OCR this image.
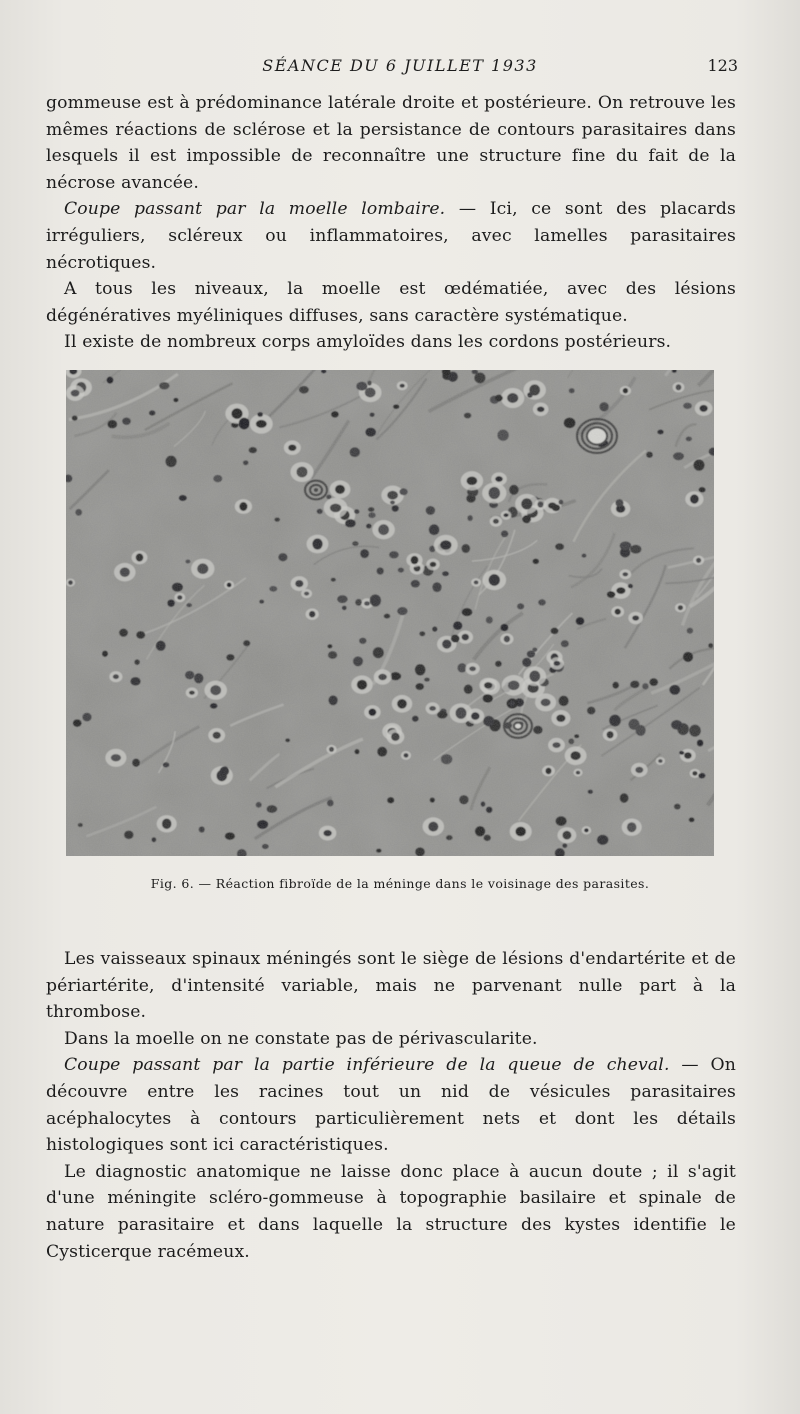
SÉANCE DU 6 JUILLET 1933	123

gommeuse est à prédominance latérale droite et postérieure. On retrouve les mêmes réactions de sclérose et la persistance de contours parasitaires dans lesquels il est impossible de reconnaître une structure fine du fait de la nécrose avancée.

Coupe passant par la moelle lombaire. — Ici, ce sont des placards irréguliers, scléreux ou inflammatoires, avec lamelles parasitaires nécrotiques.

A tous les niveaux, la moelle est œdématiée, avec des lésions dégénératives myéliniques diffuses, sans caractère systématique.

Il existe de nombreux corps amyloïdes dans les cordons postérieurs.

Fig. 6. — Réaction fibroïde de la méninge dans le voisinage des parasites.

Les vaisseaux spinaux méningés sont le siège de lésions d'endartérite et de périartérite, d'intensité variable, mais ne parvenant nulle part à la thrombose.

Dans la moelle on ne constate pas de périvascularite.

Coupe passant par la partie inférieure de la queue de cheval. — On découvre entre les racines tout un nid de vésicules parasitaires acéphalocytes à contours particulièrement nets et dont les détails histologiques sont ici caractéristiques.

Le diagnostic anatomique ne laisse donc place à aucun doute ; il s'agit d'une méningite scléro-gommeuse à topographie basilaire et spinale de nature parasitaire et dans laquelle la structure des kystes identifie le Cysticerque racémeux.
